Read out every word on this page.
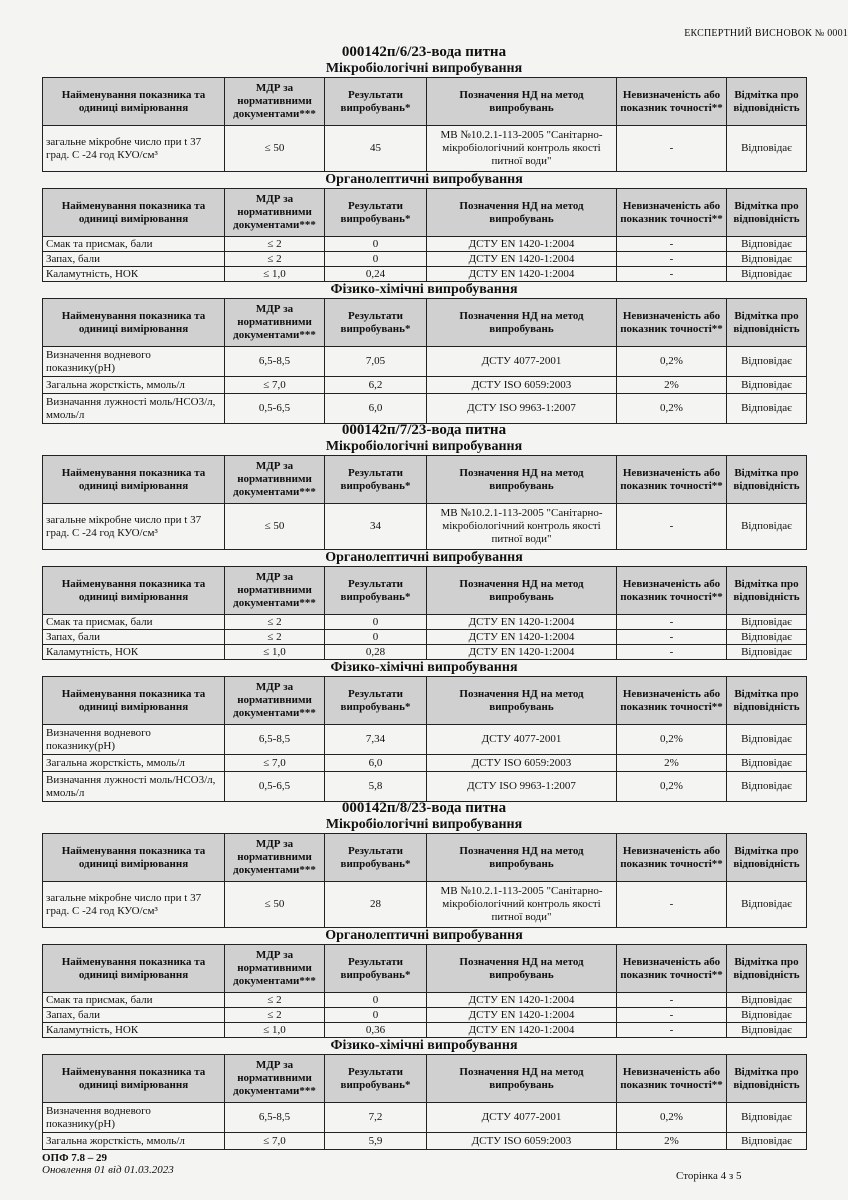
ЕКСПЕРТНИЙ ВИСНОВОК № 0001
000142п/6/23-вода питна
Мікробіологічні випробування
Найменування показника та одиниці вимірювання	МДР за нормативними документами***	Результати випробувань*	Позначення НД на метод випробувань	Невизначеність або показник точності**	Відмітка про відповідність
загальне мікробне число при t 37 град. С -24 год КУО/см³	≤ 50	45	МВ №10.2.1-113-2005 "Санітарно-мікробіологічний контроль якості питної води"	-	Відповідає
Органолептичні випробування
Найменування показника та одиниці вимірювання	МДР за нормативними документами***	Результати випробувань*	Позначення НД на метод випробувань	Невизначеність або показник точності**	Відмітка про відповідність
Смак та присмак, бали	≤ 2	0	ДСТУ EN 1420-1:2004	-	Відповідає
Запах, бали	≤ 2	0	ДСТУ EN 1420-1:2004	-	Відповідає
Каламутність, НОК	≤ 1,0	0,24	ДСТУ EN 1420-1:2004	-	Відповідає
Фізико-хімічні випробування
Найменування показника та одиниці вимірювання	МДР за нормативними документами***	Результати випробувань*	Позначення НД на метод випробувань	Невизначеність або показник точності**	Відмітка про відповідність
Визначення водневого показнику(pH)	6,5-8,5	7,05	ДСТУ 4077-2001	0,2%	Відповідає
Загальна жорсткість, ммоль/л	≤ 7,0	6,2	ДСТУ ISO 6059:2003	2%	Відповідає
Визначання лужності моль/НСО3/л, ммоль/л	0,5-6,5	6,0	ДСТУ ISO 9963-1:2007	0,2%	Відповідає
000142п/7/23-вода питна
Мікробіологічні випробування
Найменування показника та одиниці вимірювання	МДР за нормативними документами***	Результати випробувань*	Позначення НД на метод випробувань	Невизначеність або показник точності**	Відмітка про відповідність
загальне мікробне число при t 37 град. С -24 год КУО/см³	≤ 50	34	МВ №10.2.1-113-2005 "Санітарно-мікробіологічний контроль якості питної води"	-	Відповідає
Органолептичні випробування
Найменування показника та одиниці вимірювання	МДР за нормативними документами***	Результати випробувань*	Позначення НД на метод випробувань	Невизначеність або показник точності**	Відмітка про відповідність
Смак та присмак, бали	≤ 2	0	ДСТУ EN 1420-1:2004	-	Відповідає
Запах, бали	≤ 2	0	ДСТУ EN 1420-1:2004	-	Відповідає
Каламутність, НОК	≤ 1,0	0,28	ДСТУ EN 1420-1:2004	-	Відповідає
Фізико-хімічні випробування
Найменування показника та одиниці вимірювання	МДР за нормативними документами***	Результати випробувань*	Позначення НД на метод випробувань	Невизначеність або показник точності**	Відмітка про відповідність
Визначення водневого показнику(pH)	6,5-8,5	7,34	ДСТУ 4077-2001	0,2%	Відповідає
Загальна жорсткість, ммоль/л	≤ 7,0	6,0	ДСТУ ISO 6059:2003	2%	Відповідає
Визначання лужності моль/НСО3/л, ммоль/л	0,5-6,5	5,8	ДСТУ ISO 9963-1:2007	0,2%	Відповідає
000142п/8/23-вода питна
Мікробіологічні випробування
Найменування показника та одиниці вимірювання	МДР за нормативними документами***	Результати випробувань*	Позначення НД на метод випробувань	Невизначеність або показник точності**	Відмітка про відповідність
загальне мікробне число при t 37 град. С -24 год КУО/см³	≤ 50	28	МВ №10.2.1-113-2005 "Санітарно-мікробіологічний контроль якості питної води"	-	Відповідає
Органолептичні випробування
Найменування показника та одиниці вимірювання	МДР за нормативними документами***	Результати випробувань*	Позначення НД на метод випробувань	Невизначеність або показник точності**	Відмітка про відповідність
Смак та присмак, бали	≤ 2	0	ДСТУ EN 1420-1:2004	-	Відповідає
Запах, бали	≤ 2	0	ДСТУ EN 1420-1:2004	-	Відповідає
Каламутність, НОК	≤ 1,0	0,36	ДСТУ EN 1420-1:2004	-	Відповідає
Фізико-хімічні випробування
Найменування показника та одиниці вимірювання	МДР за нормативними документами***	Результати випробувань*	Позначення НД на метод випробувань	Невизначеність або показник точності**	Відмітка про відповідність
Визначення водневого показнику(pH)	6,5-8,5	7,2	ДСТУ 4077-2001	0,2%	Відповідає
Загальна жорсткість, ммоль/л	≤ 7,0	5,9	ДСТУ ISO 6059:2003	2%	Відповідає
ОПФ 7.8 – 29
Оновлення 01 від 01.03.2023	Сторінка 4 з 5
